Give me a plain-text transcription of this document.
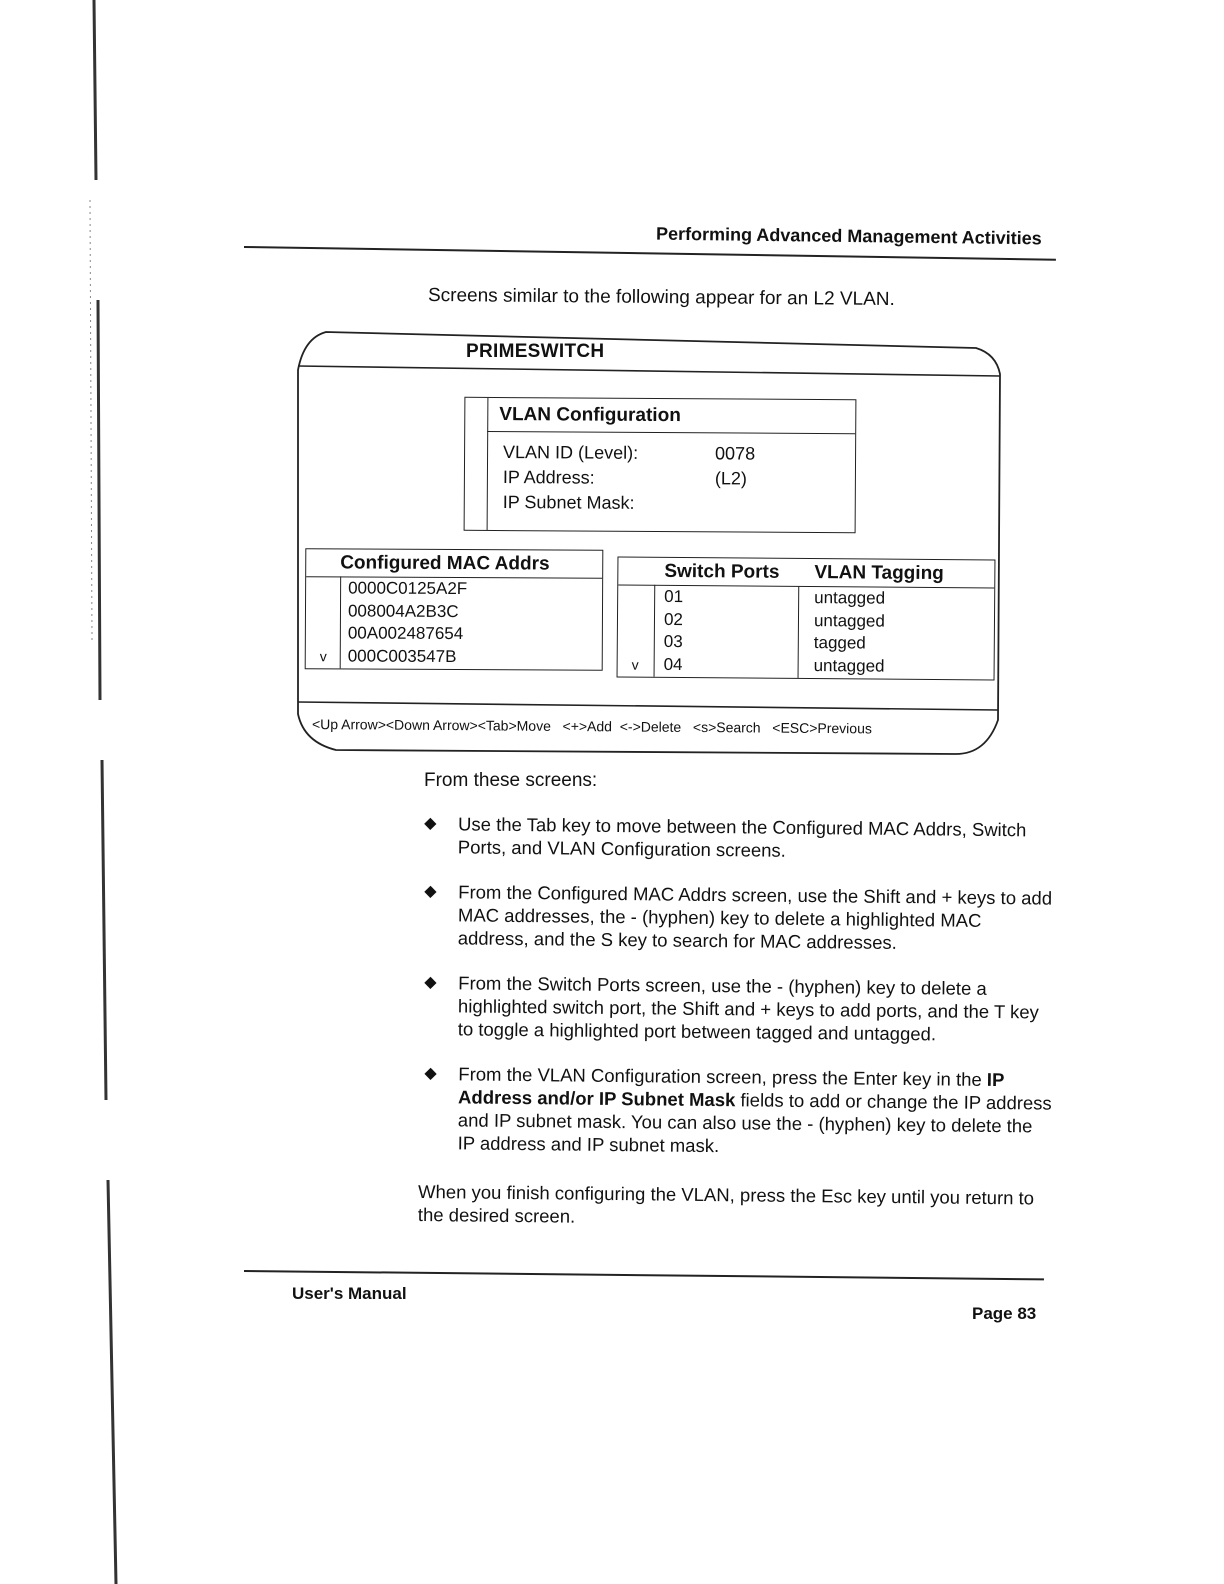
Performing Advanced Management Activities
Screens similar to the following appear for an L2 VLAN.
PRIMESWITCH
VLAN Configuration
VLAN ID (Level):	0078 (L2)
IP Address:
IP Subnet Mask:
Configured MAC Addrs
0000C0125A2F
008004A2B3C
00A002487654
000C003547B
v
Switch Ports VLAN Tagging
01
02
03
04
untagged
untagged
tagged
untagged
v
<Up Arrow><Down Arrow><Tab>Move   <+>Add  <->Delete   <s>Search   <ESC>Previous
From these screens:
◆ Use the Tab key to move between the Configured MAC Addrs, Switch Ports, and VLAN Configuration screens.
◆ From the Configured MAC Addrs screen, use the Shift and + keys to add MAC addresses, the - (hyphen) key to delete a highlighted MAC address, and the S key to search for MAC addresses.
◆ From the Switch Ports screen, use the - (hyphen) key to delete a highlighted switch port, the Shift and + keys to add ports, and the T key to toggle a highlighted port between tagged and untagged.
◆ From the VLAN Configuration screen, press the Enter key in the IP Address and/or IP Subnet Mask fields to add or change the IP address and IP subnet mask. You can also use the - (hyphen) key to delete the IP address and IP subnet mask.
When you finish configuring the VLAN, press the Esc key until you return to the desired screen.
User's Manual
Page 83
